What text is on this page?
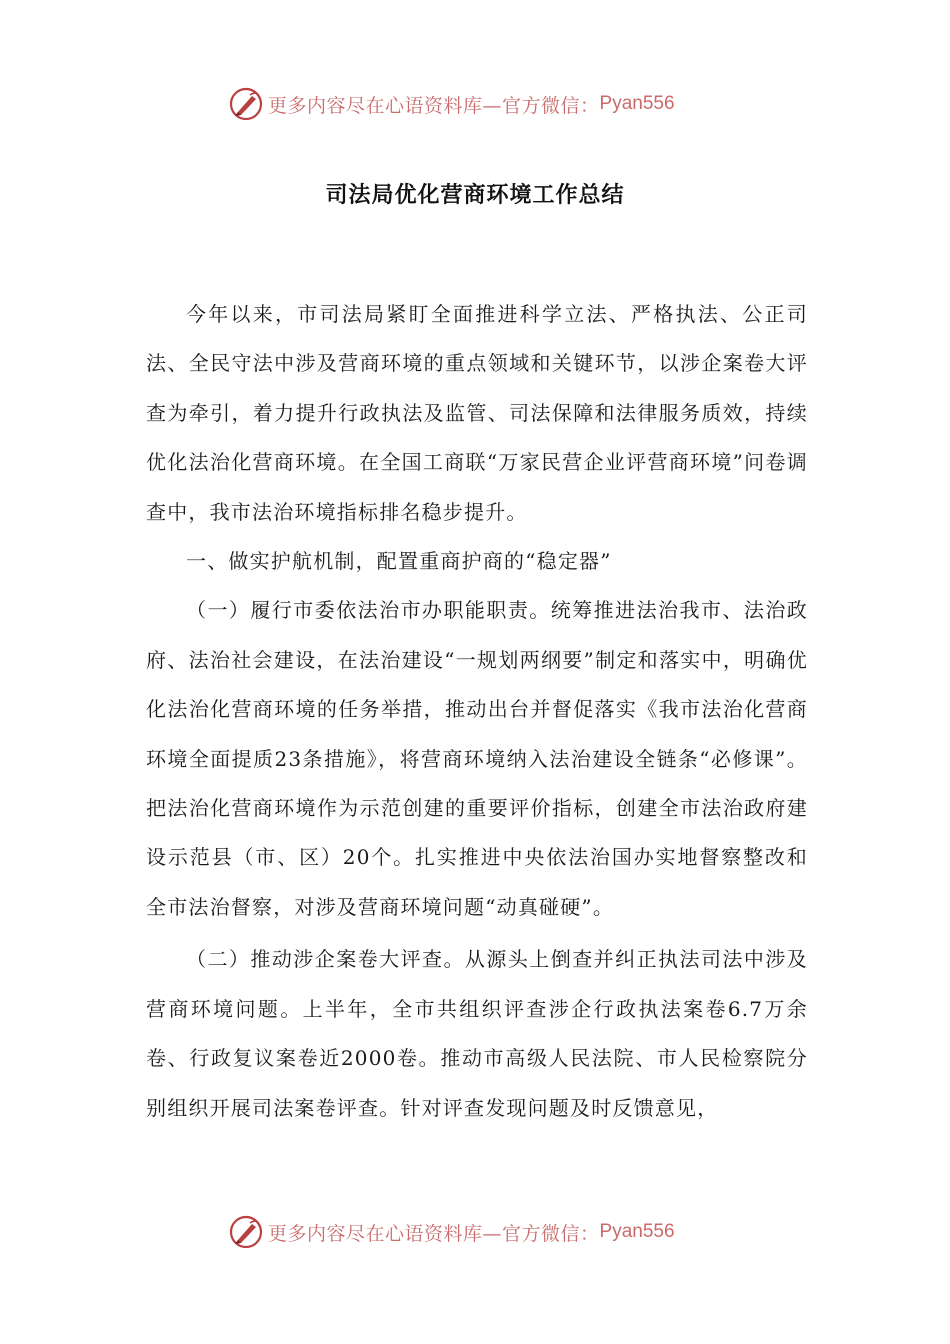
更多内容尽在心语资料库—官方微信： Pyan556
司法局优化营商环境工作总结

今年以来，市司法局紧盯全面推进科学立法、严格执法、公正司法、全民守法中涉及营商环境的重点领域和关键环节，以涉企案卷大评查为牵引，着力提升行政执法及监管、司法保障和法律服务质效，持续优化法治化营商环境。在全国工商联“万家民营企业评营商环境”问卷调查中，我市法治环境指标排名稳步提升。

一、做实护航机制，配置重商护商的“稳定器”

（一）履行市委依法治市办职能职责。统筹推进法治我市、法治政府、法治社会建设，在法治建设“一规划两纲要”制定和落实中，明确优化法治化营商环境的任务举措，推动出台并督促落实《我市法治化营商环境全面提质23条措施》，将营商环境纳入法治建设全链条“必修课”。把法治化营商环境作为示范创建的重要评价指标，创建全市法治政府建设示范县（市、区）20个。扎实推进中央依法治国办实地督察整改和全市法治督察，对涉及营商环境问题“动真碰硬”。

（二）推动涉企案卷大评查。从源头上倒查并纠正执法司法中涉及营商环境问题。上半年，全市共组织评查涉企行政执法案卷6.7万余卷、行政复议案卷近2000卷。推动市高级人民法院、市人民检察院分别组织开展司法案卷评查。针对评查发现问题及时反馈意见，

更多内容尽在心语资料库—官方微信： Pyan556
